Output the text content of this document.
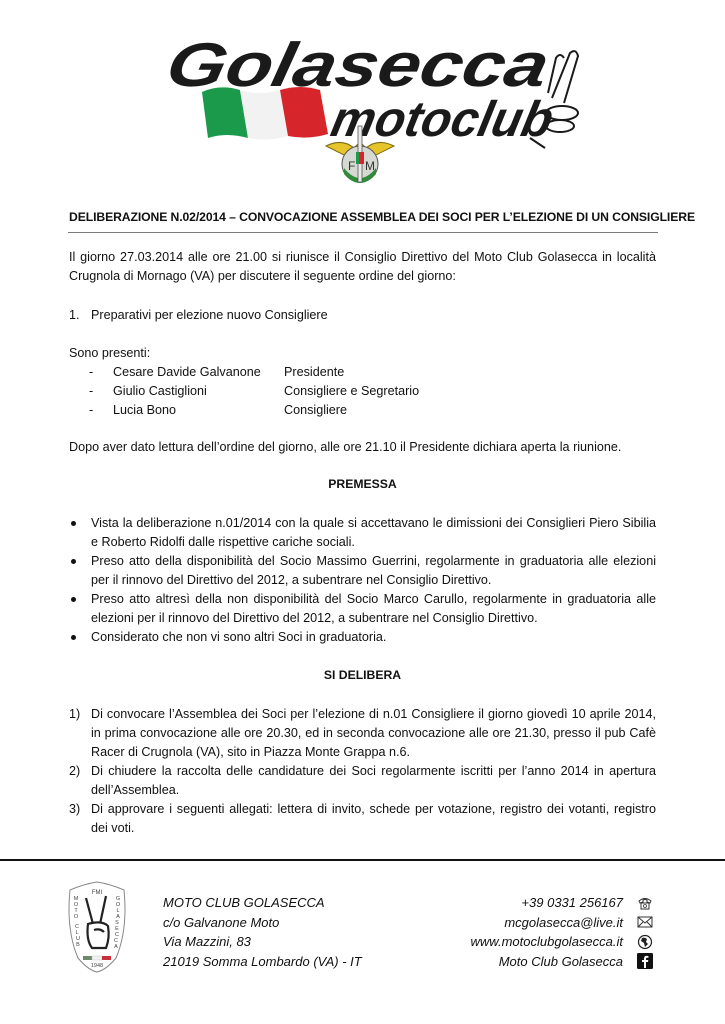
Golasecca
motoclub
F M
DELIBERAZIONE N.02/2014 – CONVOCAZIONE ASSEMBLEA DEI SOCI PER L’ELEZIONE DI UN CONSIGLIERE
Il giorno 27.03.2014 alle ore 21.00 si riunisce il Consiglio Direttivo del Moto Club Golasecca in località Crugnola di Mornago (VA) per discutere il seguente ordine del giorno:
1. Preparativi per elezione nuovo Consigliere
Sono presenti:
- Cesare Davide Galvanone Presidente
- Giulio Castiglioni	Consigliere e Segretario
- Lucia Bono	Consigliere
Dopo aver dato lettura dell’ordine del giorno, alle ore 21.10 il Presidente dichiara aperta la riunione.
PREMESSA
Vista la deliberazione n.01/2014 con la quale si accettavano le dimissioni dei Consiglieri Piero Sibilia e Roberto Ridolfi dalle rispettive cariche sociali.
Preso atto della disponibilità del Socio Massimo Guerrini, regolarmente in graduatoria alle elezioni per il rinnovo del Direttivo del 2012, a subentrare nel Consiglio Direttivo.
Preso atto altresì della non disponibilità del Socio Marco Carullo, regolarmente in graduatoria alle elezioni per il rinnovo del Direttivo del 2012, a subentrare nel Consiglio Direttivo.
Considerato che non vi sono altri Soci in graduatoria.
SI DELIBERA
1) Di convocare l’Assemblea dei Soci per l’elezione di n.01 Consigliere il giorno giovedì 10 aprile 2014, in prima convocazione alle ore 20.30, ed in seconda convocazione alle ore 21.30, presso il pub Cafè Racer di Crugnola (VA), sito in Piazza Monte Grappa n.6.
2) Di chiudere la raccolta delle candidature dei Soci regolarmente iscritti per l’anno 2014 in apertura dell’Assemblea.
3) Di approvare i seguenti allegati: lettera di invito, schede per votazione, registro dei votanti, registro dei voti.
FMI
M
O
T
O
C
L
U
B
G
O
L
A
S
E
C
C
A
1948
MOTO CLUB GOLASECCA
c/o Galvanone Moto
Via Mazzini, 83
21019 Somma Lombardo (VA) - IT
+39 0331 256167
mcgolasecca@live.it
www.motoclubgolasecca.it
Moto Club Golasecca
